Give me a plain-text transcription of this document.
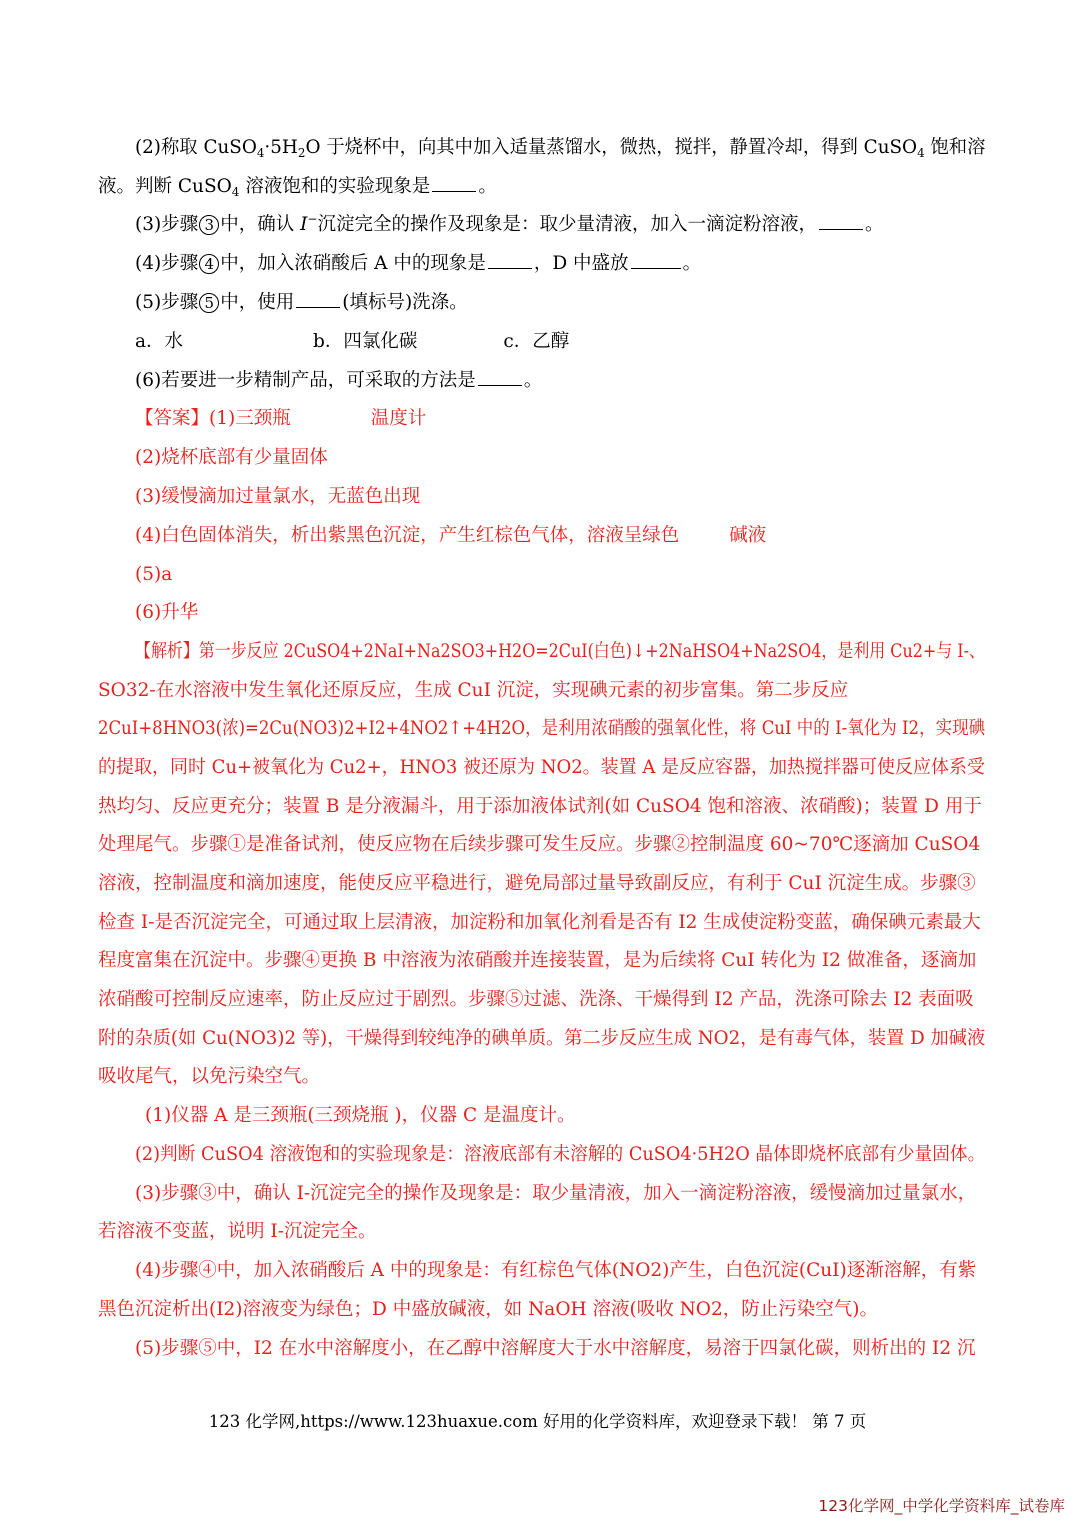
(2)称取 $CuSO_4\cdot 5H_2O$ 于烧杯中，向其中加入适量蒸馏水，微热，搅拌，静置冷却，得到 CuSO$_4$ 饱和溶
液。判断 CuSO$_4$ 溶液饱和的实验现象是	。
(3)步骤 3 中，确认 I−沉淀完全的操作及现象是：取少量清液，加入一滴淀粉溶液，	。
(4)步骤 4 中，加入浓硝酸后 A 中的现象是	，D 中盛放	。
(5)步骤 5 中，使用	(填标号)洗涤。
a．水	b．四氯化碳	c．乙醇
(6)若要进一步精制产品，可采取的方法是	。
【答案】(1)三颈瓶	温度计
(2)烧杯底部有少量固体
(3)缓慢滴加过量氯水，无蓝色出现
(4)白色固体消失，析出紫黑色沉淀，产生红棕色气体，溶液呈绿色	碱液
(5)a
(6)升华
【解析】第一步反应 2CuSO4+2NaI+Na2SO3+H2O=2CuI(白色)↓+2NaHSO4+Na2SO4，是利用 Cu2+与 I-、
SO32-在水溶液中发生氧化还原反应，生成 CuI 沉淀，实现碘元素的初步富集。第二步反应
2CuI+8HNO3(浓)=2Cu(NO3)2+I2+4NO2↑+4H2O，是利用浓硝酸的强氧化性，将 CuI 中的 I-氧化为 I2，实现碘
的提取，同时 Cu+被氧化为 Cu2+，HNO3 被还原为 NO2。装置 A 是反应容器，加热搅拌器可使反应体系受
热均匀、反应更充分；装置 B 是分液漏斗，用于添加液体试剂(如 CuSO4 饱和溶液、浓硝酸)；装置 D 用于
处理尾气。步骤①是准备试剂，使反应物在后续步骤可发生反应。步骤②控制温度 60~70℃逐滴加 CuSO4
溶液，控制温度和滴加速度，能使反应平稳进行，避免局部过量导致副反应，有利于 CuI 沉淀生成。步骤③
检查 I-是否沉淀完全，可通过取上层清液，加淀粉和加氧化剂看是否有 I2 生成使淀粉变蓝，确保碘元素最大
程度富集在沉淀中。步骤④更换 B 中溶液为浓硝酸并连接装置，是为后续将 CuI 转化为 I2 做准备，逐滴加
浓硝酸可控制反应速率，防止反应过于剧烈。步骤⑤过滤、洗涤、干燥得到 I2 产品，洗涤可除去 I2 表面吸
附的杂质(如 Cu(NO3)2 等)，干燥得到较纯净的碘单质。第二步反应生成 NO2，是有毒气体，装置 D 加碱液
吸收尾气，以免污染空气。
(1)仪器 A 是三颈瓶(三颈烧瓶 )，仪器 C 是温度计。
(2)判断 CuSO4 溶液饱和的实验现象是：溶液底部有未溶解的 CuSO4·5H2O 晶体即烧杯底部有少量固体。
(3)步骤③中，确认 I-沉淀完全的操作及现象是：取少量清液，加入一滴淀粉溶液，缓慢滴加过量氯水，
若溶液不变蓝，说明 I-沉淀完全。
(4)步骤④中，加入浓硝酸后 A 中的现象是：有红棕色气体(NO2)产生，白色沉淀(CuI)逐渐溶解，有紫
黑色沉淀析出(I2)溶液变为绿色；D 中盛放碱液，如 NaOH 溶液(吸收 NO2，防止污染空气)。
(5)步骤⑤中，I2 在水中溶解度小，在乙醇中溶解度大于水中溶解度，易溶于四氯化碳，则析出的 I2 沉
123 化学网,https://www.123huaxue.com 好用的化学资料库，欢迎登录下载！ 第 7 页
123化学网_中学化学资料库_试卷库
